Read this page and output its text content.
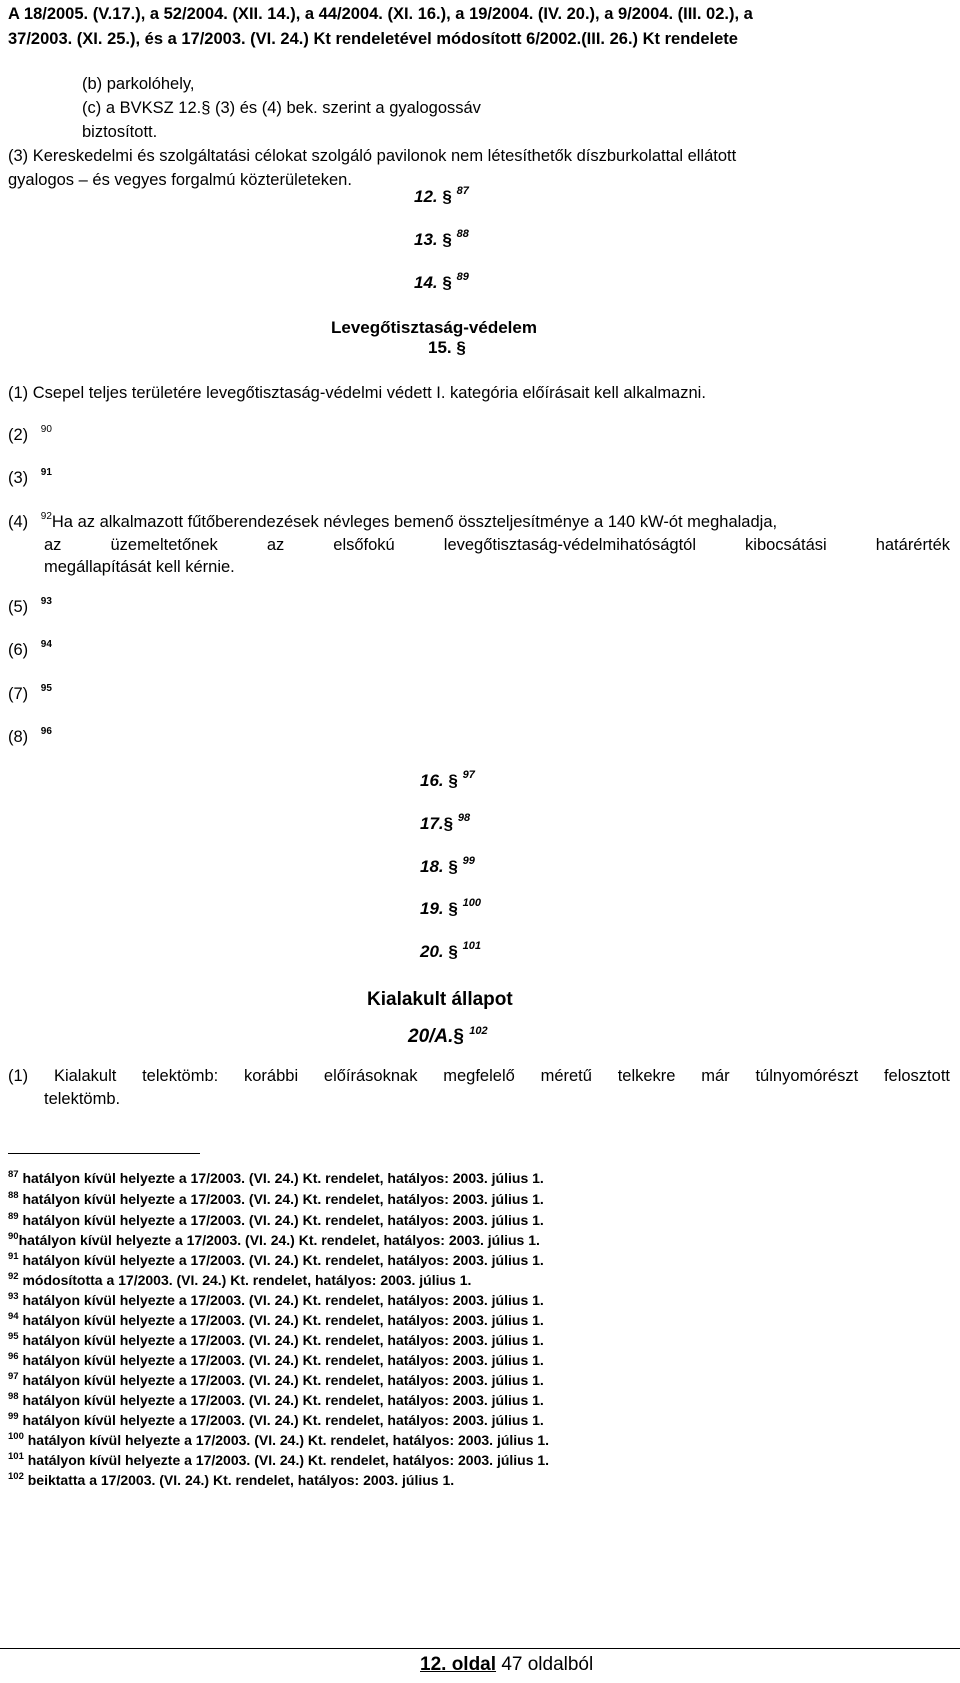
A 18/2005. (V.17.), a 52/2004. (XII. 14.), a 44/2004. (XI. 16.), a 19/2004. (IV. 20.), a 9/2004. (III. 02.), a
37/2003. (XI. 25.), és a 17/2003. (VI. 24.) Kt rendeletével módosított 6/2002.(III. 26.) Kt rendelete
(b) parkolóhely,
(c) a BVKSZ 12.§ (3) és (4) bek. szerint a gyalogossáv
biztosított.
(3) Kereskedelmi és szolgáltatási célokat szolgáló pavilonok nem létesíthetők díszburkolattal ellátott
gyalogos – és vegyes forgalmú közterületeken.
12. § $^{87}$
13. § $^{88}$
14. § $^{89}$
Levegőtisztaság-védelem
15. §
(1) Csepel teljes területére levegőtisztaság-védelmi védett I. kategória előírásait kell alkalmazni.
(2) $^{90}$
(3) $^{91}$
(4) $^{92}$Ha az alkalmazott fűtőberendezések névleges bemenő összteljesítménye a 140 kW-ót meghaladja,
az üzemeltetőnek az elsőfokú levegőtisztaság-védelmihatóságtól kibocsátási határérték
megállapítását kell kérnie.
(5) $^{93}$
(6) $^{94}$
(7) $^{95}$
(8) $^{96}$
16. § $^{97}$
17.§ $^{98}$
18. § $^{99}$
19. § $^{100}$
20. § $^{101}$
Kialakult állapot
20/A.§ $^{102}$
(1) Kialakult telektömb: korábbi előírásoknak megfelelő méretű telkekre már túlnyomórészt felosztott
telektömb.
$^{87}$ hatályon kívül helyezte a 17/2003. (VI. 24.) Kt. rendelet, hatályos: 2003. július 1.
$^{88}$ hatályon kívül helyezte a 17/2003. (VI. 24.) Kt. rendelet, hatályos: 2003. július 1.
$^{89}$ hatályon kívül helyezte a 17/2003. (VI. 24.) Kt. rendelet, hatályos: 2003. július 1.
$^{90}$hatályon kívül helyezte a 17/2003. (VI. 24.) Kt. rendelet, hatályos: 2003. július 1.
$^{91}$ hatályon kívül helyezte a 17/2003. (VI. 24.) Kt. rendelet, hatályos: 2003. július 1.
$^{92}$ módosította a 17/2003. (VI. 24.) Kt. rendelet, hatályos: 2003. július 1.
$^{93}$ hatályon kívül helyezte a 17/2003. (VI. 24.) Kt. rendelet, hatályos: 2003. július 1.
$^{94}$ hatályon kívül helyezte a 17/2003. (VI. 24.) Kt. rendelet, hatályos: 2003. július 1.
$^{95}$ hatályon kívül helyezte a 17/2003. (VI. 24.) Kt. rendelet, hatályos: 2003. július 1.
$^{96}$ hatályon kívül helyezte a 17/2003. (VI. 24.) Kt. rendelet, hatályos: 2003. július 1.
$^{97}$ hatályon kívül helyezte a 17/2003. (VI. 24.) Kt. rendelet, hatályos: 2003. július 1.
$^{98}$ hatályon kívül helyezte a 17/2003. (VI. 24.) Kt. rendelet, hatályos: 2003. július 1.
$^{99}$ hatályon kívül helyezte a 17/2003. (VI. 24.) Kt. rendelet, hatályos: 2003. július 1.
$^{100}$ hatályon kívül helyezte a 17/2003. (VI. 24.) Kt. rendelet, hatályos: 2003. július 1.
$^{101}$ hatályon kívül helyezte a 17/2003. (VI. 24.) Kt. rendelet, hatályos: 2003. július 1.
$^{102}$ beiktatta a 17/2003. (VI. 24.) Kt. rendelet, hatályos: 2003. július 1.
12. oldal 47 oldalból
